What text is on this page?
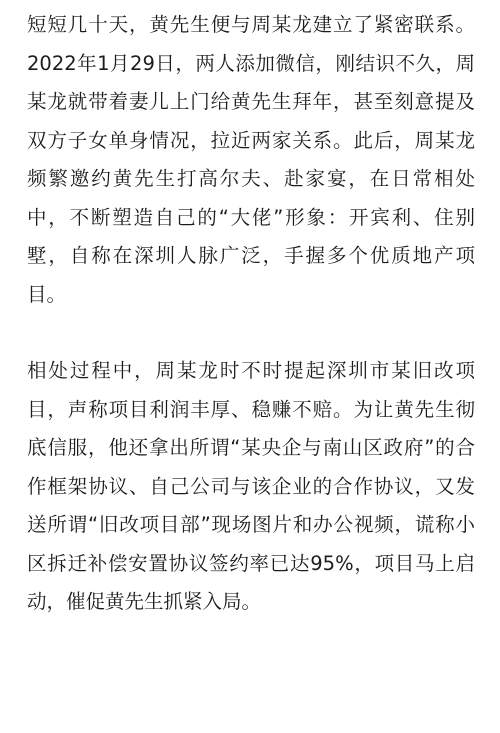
短短几十天，黄先生便与周某龙建立了紧密联系。2022年1月29日，两人添加微信，刚结识不久，周某龙就带着妻儿上门给黄先生拜年，甚至刻意提及双方子女单身情况，拉近两家关系。此后，周某龙频繁邀约黄先生打高尔夫、赴家宴，在日常相处中，不断塑造自己的“大佬”形象：开宾利、住别墅，自称在深圳人脉广泛，手握多个优质地产项目。

相处过程中，周某龙时不时提起深圳市某旧改项目，声称项目利润丰厚、稳赚不赔。为让黄先生彻底信服，他还拿出所谓“某央企与南山区政府”的合作框架协议、自己公司与该企业的合作协议，又发送所谓“旧改项目部”现场图片和办公视频，谎称小区拆迁补偿安置协议签约率已达95%，项目马上启动，催促黄先生抓紧入局。
